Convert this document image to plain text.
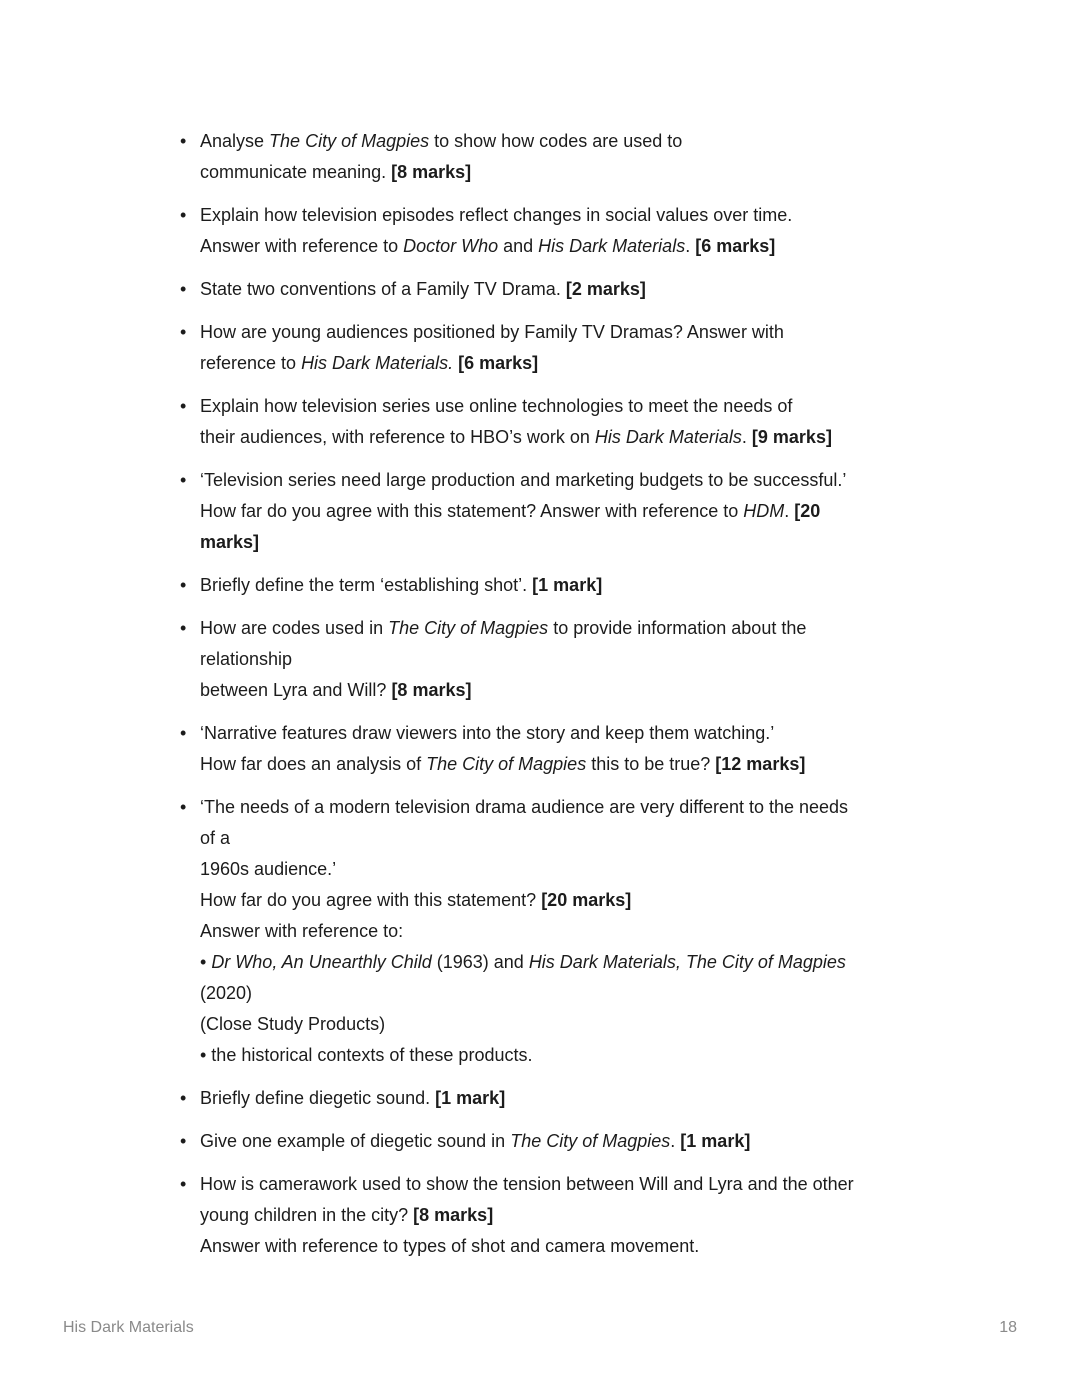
• Analyse The City of Magpies to show how codes are used to
communicate meaning. [8 marks]
• Explain how television episodes reflect changes in social values over time.
Answer with reference to Doctor Who and His Dark Materials. [6 marks]
• State two conventions of a Family TV Drama. [2 marks]
• How are young audiences positioned by Family TV Dramas? Answer with
reference to His Dark Materials. [6 marks]
• Explain how television series use online technologies to meet the needs of
their audiences, with reference to HBO’s work on His Dark Materials. [9 marks]
• ‘Television series need large production and marketing budgets to be successful.’
How far do you agree with this statement? Answer with reference to HDM. [20
marks]
• Briefly define the term ‘establishing shot’. [1 mark]
• How are codes used in The City of Magpies to provide information about the
relationship
between Lyra and Will? [8 marks]
• ‘Narrative features draw viewers into the story and keep them watching.’
How far does an analysis of The City of Magpies this to be true? [12 marks]
• ‘The needs of a modern television drama audience are very different to the needs
of a
1960s audience.’
How far do you agree with this statement? [20 marks]
Answer with reference to:
• Dr Who, An Unearthly Child (1963) and His Dark Materials, The City of Magpies
(2020)
(Close Study Products)
• the historical contexts of these products.
• Briefly define diegetic sound. [1 mark]
• Give one example of diegetic sound in The City of Magpies. [1 mark]
• How is camerawork used to show the tension between Will and Lyra and the other
young children in the city? [8 marks]
Answer with reference to types of shot and camera movement.
His Dark Materials	18
